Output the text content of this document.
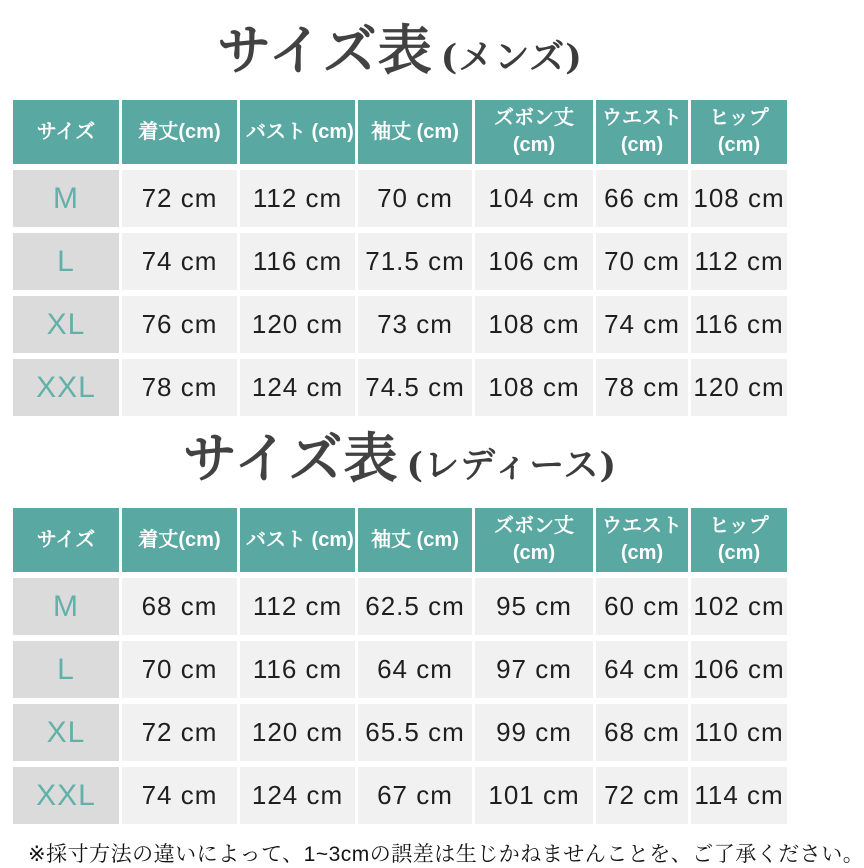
サイズ表 (メンズ)
サイズ	着丈(cm)	バスト (cm)	袖丈 (cm)	ズボン丈 (cm)	ウエスト (cm)	ヒップ (cm)
M	72 cm	112 cm	70 cm	104 cm	66 cm	108 cm
L	74 cm	116 cm	71.5 cm	106 cm	70 cm	112 cm
XL	76 cm	120 cm	73 cm	108 cm	74 cm	116 cm
XXL	78 cm	124 cm	74.5 cm	108 cm	78 cm	120 cm
サイズ表 (レディース)
サイズ	着丈(cm)	バスト (cm)	袖丈 (cm)	ズボン丈 (cm)	ウエスト (cm)	ヒップ (cm)
M	68 cm	112 cm	62.5 cm	95 cm	60 cm	102 cm
L	70 cm	116 cm	64 cm	97 cm	64 cm	106 cm
XL	72 cm	120 cm	65.5 cm	99 cm	68 cm	110 cm
XXL	74 cm	124 cm	67 cm	101 cm	72 cm	114 cm

※採寸方法の違いによって、1~3cmの誤差は生じかねませんことを、ご了承ください。
